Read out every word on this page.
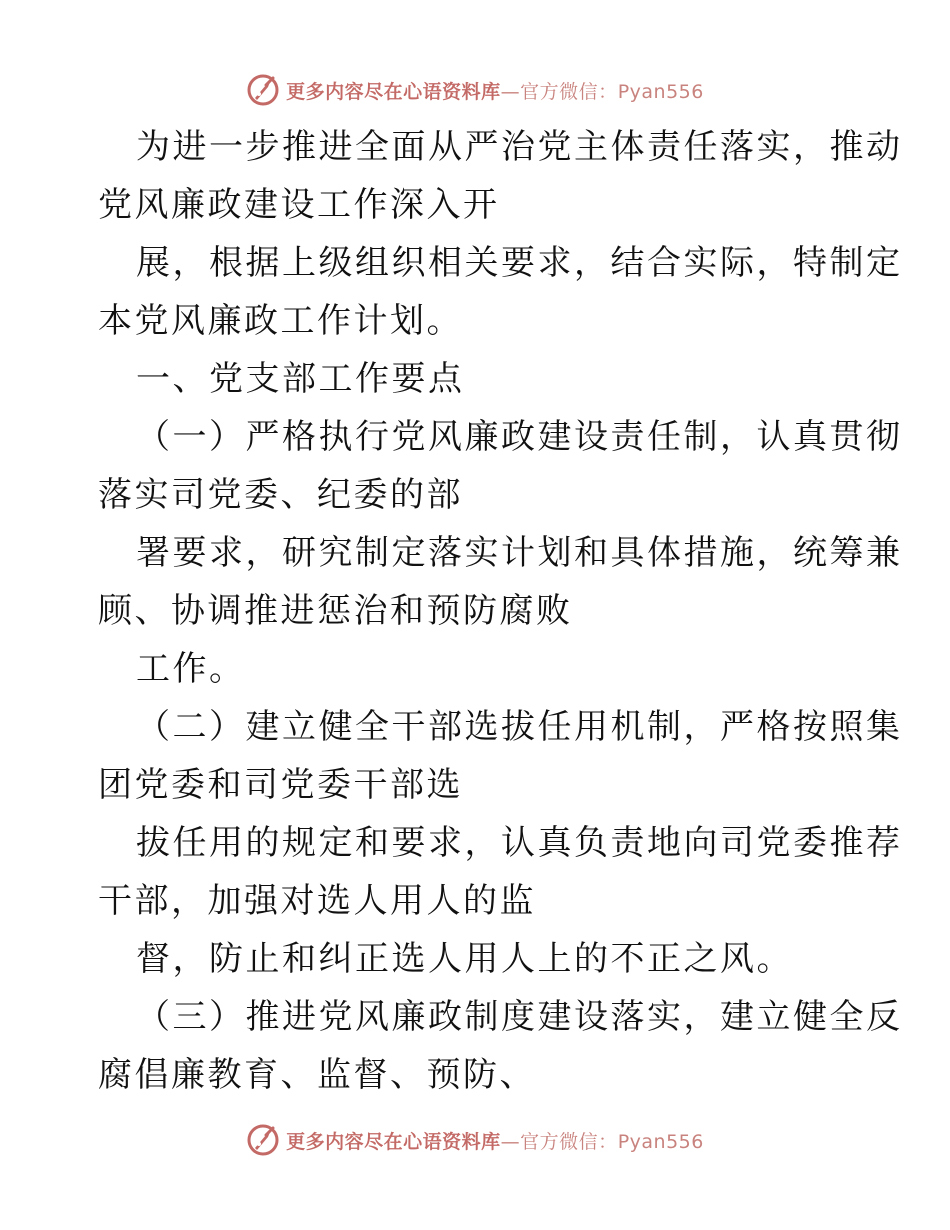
更多内容尽在心语资料库—官方微信：Pyan556
为进一步推进全面从严治党主体责任落实，推动
党风廉政建设工作深入开
展，根据上级组织相关要求，结合实际，特制定
本党风廉政工作计划。
一、党支部工作要点
（一）严格执行党风廉政建设责任制，认真贯彻
落实司党委、纪委的部
署要求，研究制定落实计划和具体措施，统筹兼
顾、协调推进惩治和预防腐败
工作。
（二）建立健全干部选拔任用机制，严格按照集
团党委和司党委干部选
拔任用的规定和要求，认真负责地向司党委推荐
干部，加强对选人用人的监
督，防止和纠正选人用人上的不正之风。
（三）推进党风廉政制度建设落实，建立健全反
腐倡廉教育、监督、预防、
更多内容尽在心语资料库—官方微信：Pyan556
